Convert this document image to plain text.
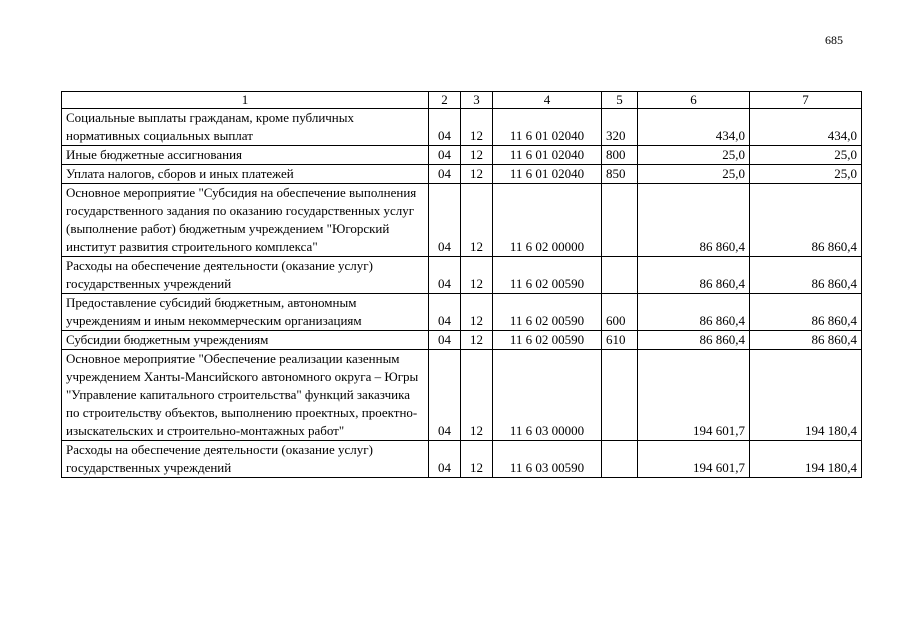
685
1	2	3	4	5	6	7
Социальные выплаты гражданам, кроме публичных нормативных социальных выплат	04	12	11 6 01 02040	320	434,0	434,0
Иные бюджетные ассигнования	04	12	11 6 01 02040	800	25,0	25,0
Уплата налогов, сборов и иных платежей	04	12	11 6 01 02040	850	25,0	25,0
Основное мероприятие "Субсидия на обеспечение выполнения государственного задания по оказанию государственных услуг (выполнение работ) бюджетным учреждением "Югорский институт развития строительного комплекса"	04	12	11 6 02 00000		86 860,4	86 860,4
Расходы на обеспечение деятельности (оказание услуг) государственных учреждений	04	12	11 6 02 00590		86 860,4	86 860,4
Предоставление субсидий бюджетным, автономным учреждениям и иным некоммерческим организациям	04	12	11 6 02 00590	600	86 860,4	86 860,4
Субсидии бюджетным учреждениям	04	12	11 6 02 00590	610	86 860,4	86 860,4
Основное мероприятие "Обеспечение реализации казенным учреждением Ханты-Мансийского автономного округа – Югры "Управление капитального строительства" функций заказчика по строительству объектов, выполнению проектных, проектно-изыскательских и строительно-монтажных работ"	04	12	11 6 03 00000		194 601,7	194 180,4
Расходы на обеспечение деятельности (оказание услуг) государственных учреждений	04	12	11 6 03 00590		194 601,7	194 180,4
